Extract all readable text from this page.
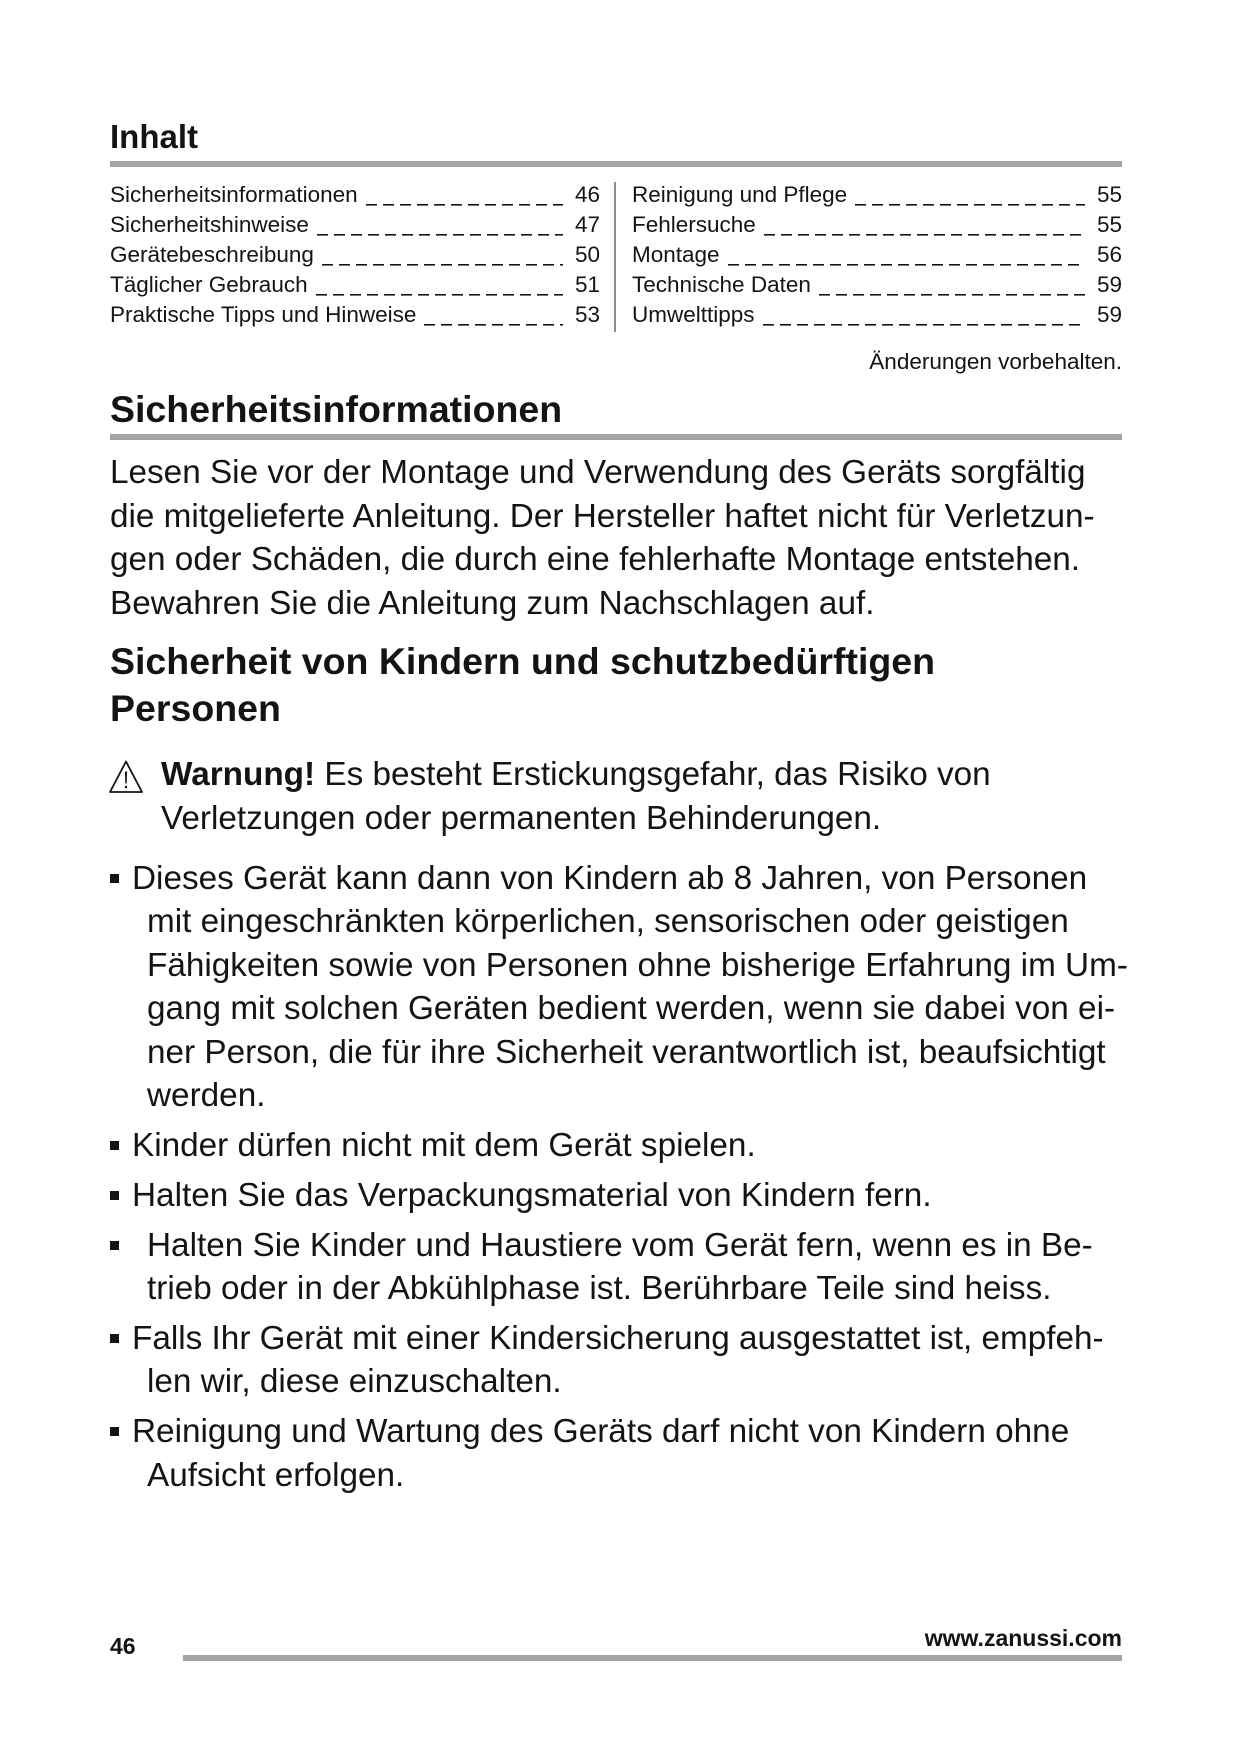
Inhalt
Sicherheitsinformationen	46
Sicherheitshinweise	47
Gerätebeschreibung	50
Täglicher Gebrauch	51
Praktische Tipps und Hinweise	53
Reinigung und Pflege	55
Fehlersuche	55
Montage	56
Technische Daten	59
Umwelttipps	59
Änderungen vorbehalten.
Sicherheitsinformationen
Lesen Sie vor der Montage und Verwendung des Geräts sorgfältig
die mitgelieferte Anleitung. Der Hersteller haftet nicht für Verletzun-
gen oder Schäden, die durch eine fehlerhafte Montage entstehen.
Bewahren Sie die Anleitung zum Nachschlagen auf.
Sicherheit von Kindern und schutzbedürftigen Personen
Warnung! Es besteht Erstickungsgefahr, das Risiko von
Verletzungen oder permanenten Behinderungen.
Dieses Gerät kann dann von Kindern ab 8 Jahren, von Personen
mit eingeschränkten körperlichen, sensorischen oder geistigen
Fähigkeiten sowie von Personen ohne bisherige Erfahrung im Um-
gang mit solchen Geräten bedient werden, wenn sie dabei von ei-
ner Person, die für ihre Sicherheit verantwortlich ist, beaufsichtigt
werden.
Kinder dürfen nicht mit dem Gerät spielen.
Halten Sie das Verpackungsmaterial von Kindern fern.
Halten Sie Kinder und Haustiere vom Gerät fern, wenn es in Be-
trieb oder in der Abkühlphase ist. Berührbare Teile sind heiss.
Falls Ihr Gerät mit einer Kindersicherung ausgestattet ist, empfeh-
len wir, diese einzuschalten.
Reinigung und Wartung des Geräts darf nicht von Kindern ohne
Aufsicht erfolgen.
46	www.zanussi.com
